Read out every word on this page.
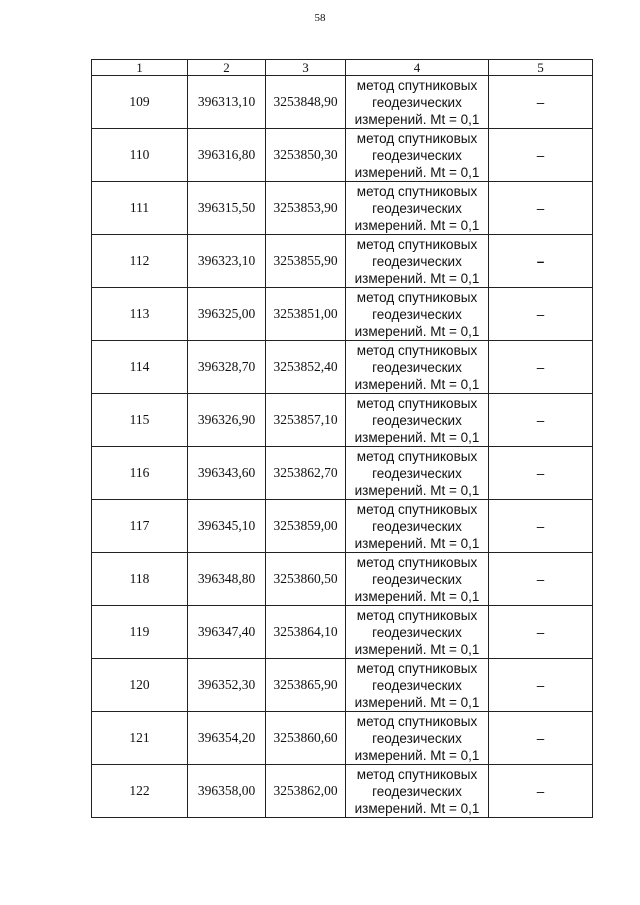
58
1	2	3	4	5
109	396313,10	3253848,90	метод спутниковых
геодезических
измерений. Mt = 0,1	–
110	396316,80	3253850,30	метод спутниковых
геодезических
измерений. Mt = 0,1	–
111	396315,50	3253853,90	метод спутниковых
геодезических
измерений. Mt = 0,1	–
112	396323,10	3253855,90	метод спутниковых
геодезических
измерений. Mt = 0,1	–
113	396325,00	3253851,00	метод спутниковых
геодезических
измерений. Mt = 0,1	–
114	396328,70	3253852,40	метод спутниковых
геодезических
измерений. Mt = 0,1	–
115	396326,90	3253857,10	метод спутниковых
геодезических
измерений. Mt = 0,1	–
116	396343,60	3253862,70	метод спутниковых
геодезических
измерений. Mt = 0,1	–
117	396345,10	3253859,00	метод спутниковых
геодезических
измерений. Mt = 0,1	–
118	396348,80	3253860,50	метод спутниковых
геодезических
измерений. Mt = 0,1	–
119	396347,40	3253864,10	метод спутниковых
геодезических
измерений. Mt = 0,1	–
120	396352,30	3253865,90	метод спутниковых
геодезических
измерений. Mt = 0,1	–
121	396354,20	3253860,60	метод спутниковых
геодезических
измерений. Mt = 0,1	–
122	396358,00	3253862,00	метод спутниковых
геодезических
измерений. Mt = 0,1	–
